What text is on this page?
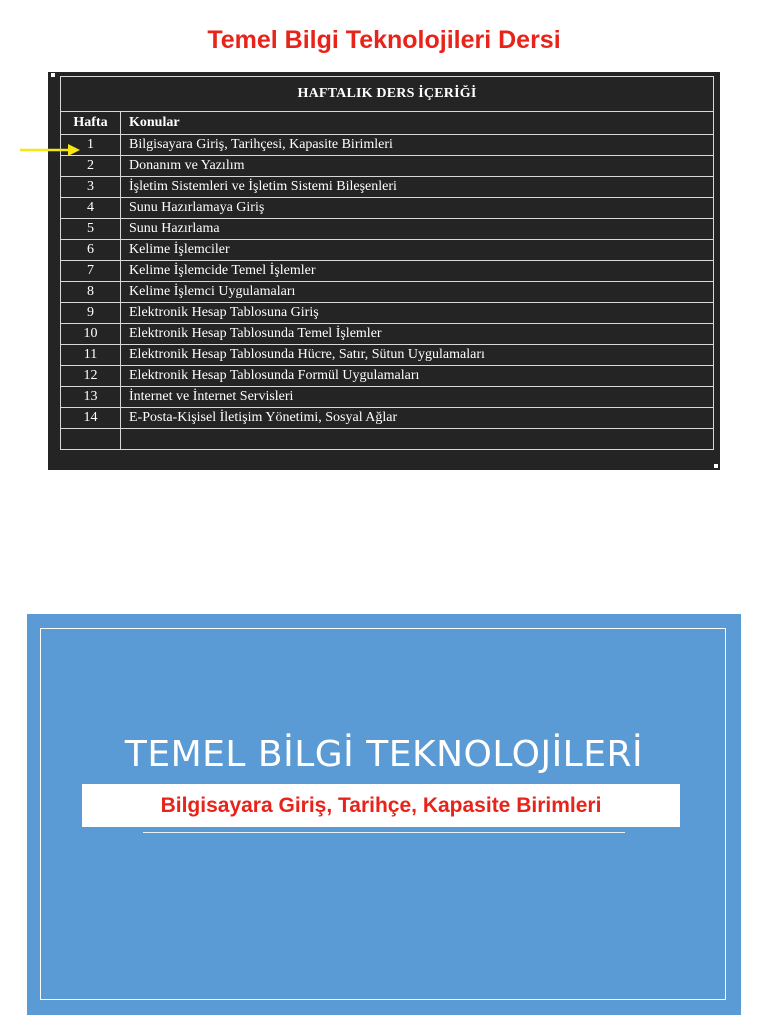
Temel Bilgi Teknolojileri Dersi
HAFTALIK DERS İÇERİĞİ	
Hafta	Konular
1	Bilgisayara Giriş, Tarihçesi, Kapasite Birimleri
2	Donanım ve Yazılım
3	İşletim Sistemleri ve İşletim Sistemi Bileşenleri
4	Sunu Hazırlamaya Giriş
5	Sunu Hazırlama
6	Kelime İşlemciler
7	Kelime İşlemcide Temel İşlemler
8	Kelime İşlemci Uygulamaları
9	Elektronik Hesap Tablosuna Giriş
10	Elektronik Hesap Tablosunda Temel İşlemler
11	Elektronik Hesap Tablosunda Hücre, Satır, Sütun Uygulamaları
12	Elektronik Hesap Tablosunda Formül Uygulamaları
13	İnternet ve İnternet Servisleri
14	E-Posta-Kişisel İletişim Yönetimi, Sosyal Ağlar

TEMEL BİLGİ TEKNOLOJİLERİ
Bilgisayara Giriş, Tarihçe, Kapasite Birimleri
